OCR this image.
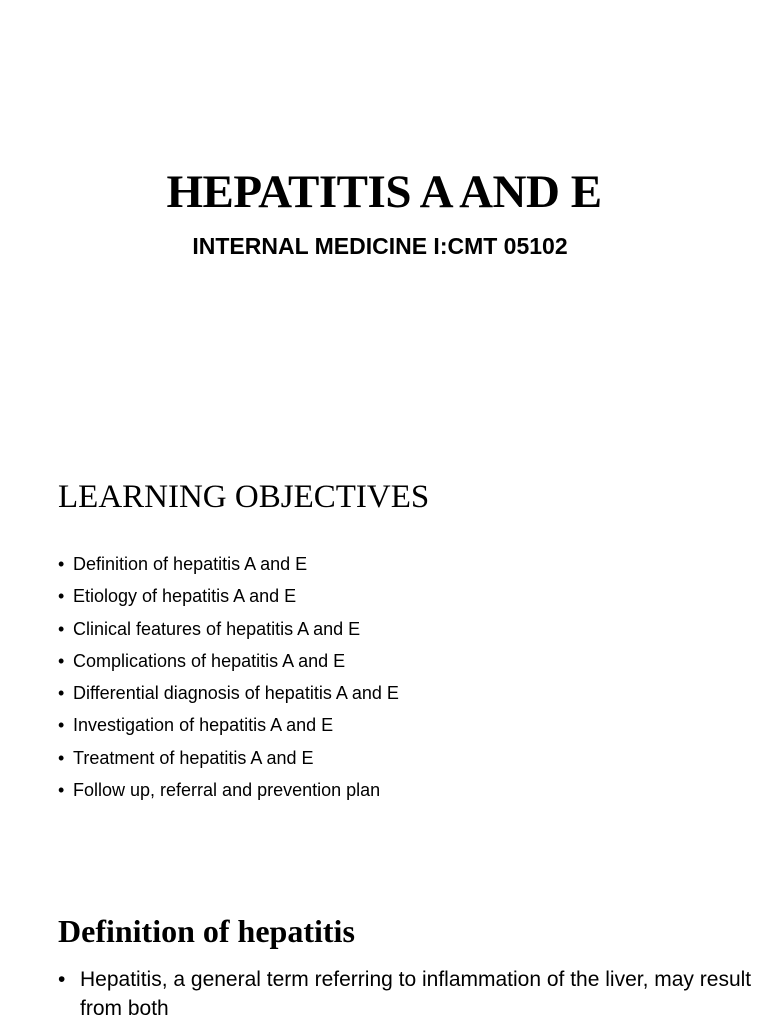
HEPATITIS A AND E
INTERNAL MEDICINE I:CMT 05102
LEARNING OBJECTIVES
• Definition of hepatitis A and E
• Etiology of hepatitis A and E
• Clinical features of hepatitis A and E
• Complications of hepatitis A and E
• Differential diagnosis of hepatitis A and E
• Investigation of hepatitis A and E
• Treatment of hepatitis A and E
• Follow up, referral and prevention plan
Definition of hepatitis
• Hepatitis, a general term referring to inflammation of the liver, may result from both
